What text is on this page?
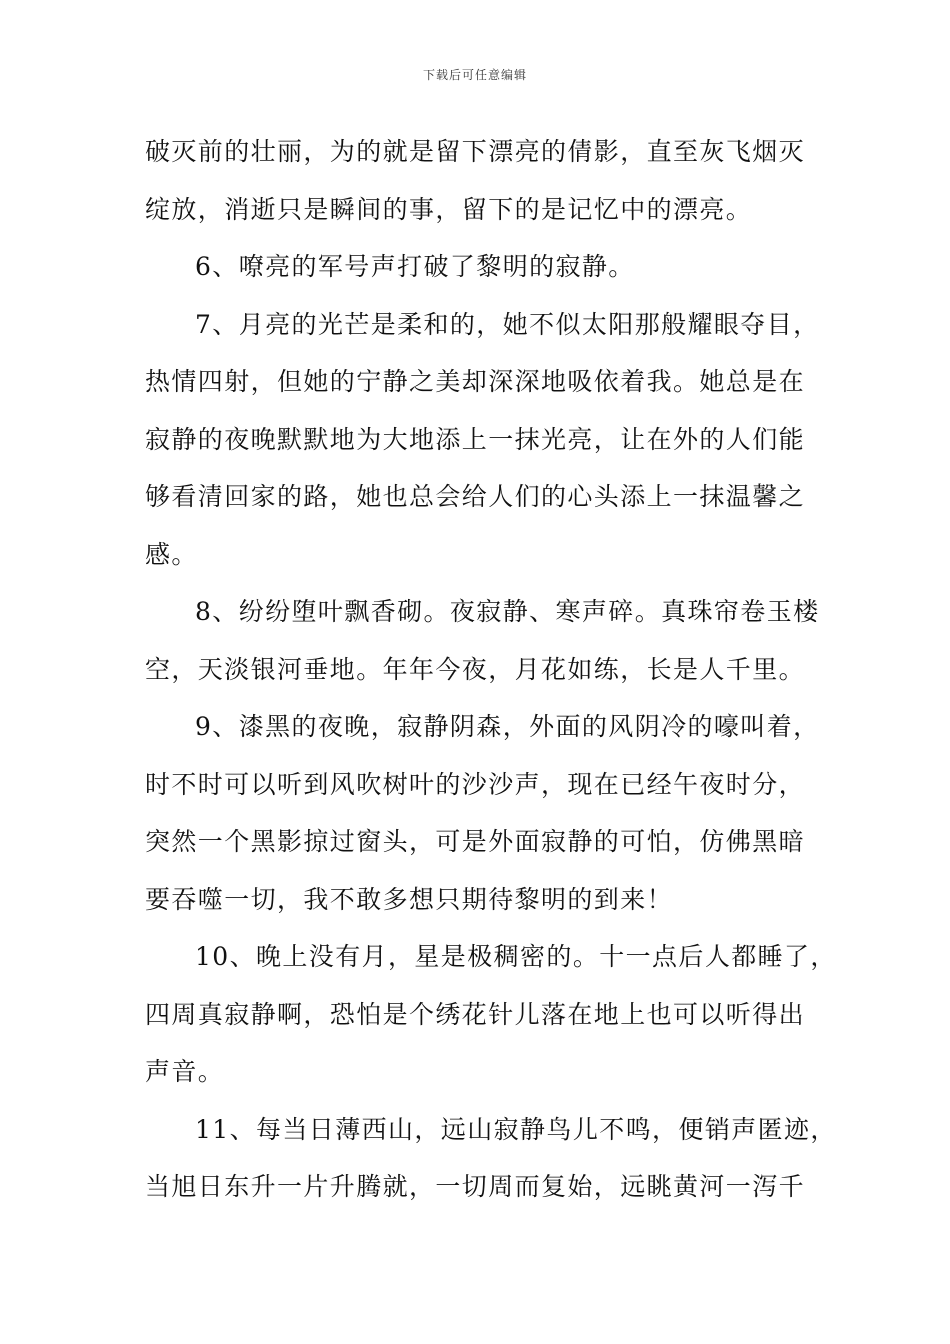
下载后可任意编辑
破灭前的壮丽，为的就是留下漂亮的倩影，直至灰飞烟灭
绽放，消逝只是瞬间的事，留下的是记忆中的漂亮。
6、嘹亮的军号声打破了黎明的寂静。
7、月亮的光芒是柔和的，她不似太阳那般耀眼夺目，
热情四射，但她的宁静之美却深深地吸依着我。她总是在
寂静的夜晚默默地为大地添上一抹光亮，让在外的人们能
够看清回家的路，她也总会给人们的心头添上一抹温馨之
感。
8、纷纷堕叶飘香砌。夜寂静、寒声碎。真珠帘卷玉楼
空，天淡银河垂地。年年今夜，月花如练，长是人千里。
9、漆黑的夜晚，寂静阴森，外面的风阴冷的嚎叫着，
时不时可以听到风吹树叶的沙沙声，现在已经午夜时分，
突然一个黑影掠过窗头，可是外面寂静的可怕，仿佛黑暗
要吞噬一切，我不敢多想只期待黎明的到来！
10、晚上没有月，星是极稠密的。十一点后人都睡了，
四周真寂静啊，恐怕是个绣花针儿落在地上也可以听得出
声音。
11、每当日薄西山，远山寂静鸟儿不鸣，便销声匿迹，
当旭日东升一片升腾就，一切周而复始，远眺黄河一泻千
